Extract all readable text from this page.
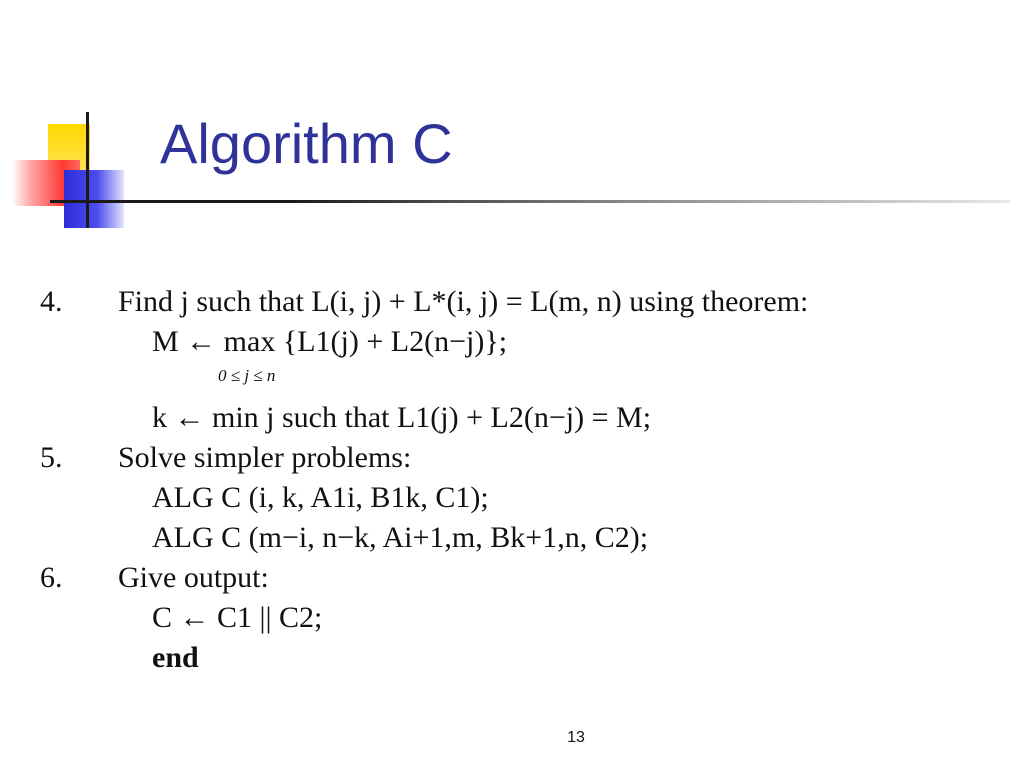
Algorithm C
4. Find j such that L(i, j) + L*(i, j) = L(m, n) using theorem:
M ← max {L1(j) + L2(n−j)};
0 ≤ j ≤ n
k ← min j such that L1(j) + L2(n−j) = M;
5. Solve simpler problems:
ALG C (i, k, A1i, B1k, C1);
ALG C (m−i, n−k, Ai+1,m, Bk+1,n, C2);
6. Give output:
C ← C1 || C2;
end
13
